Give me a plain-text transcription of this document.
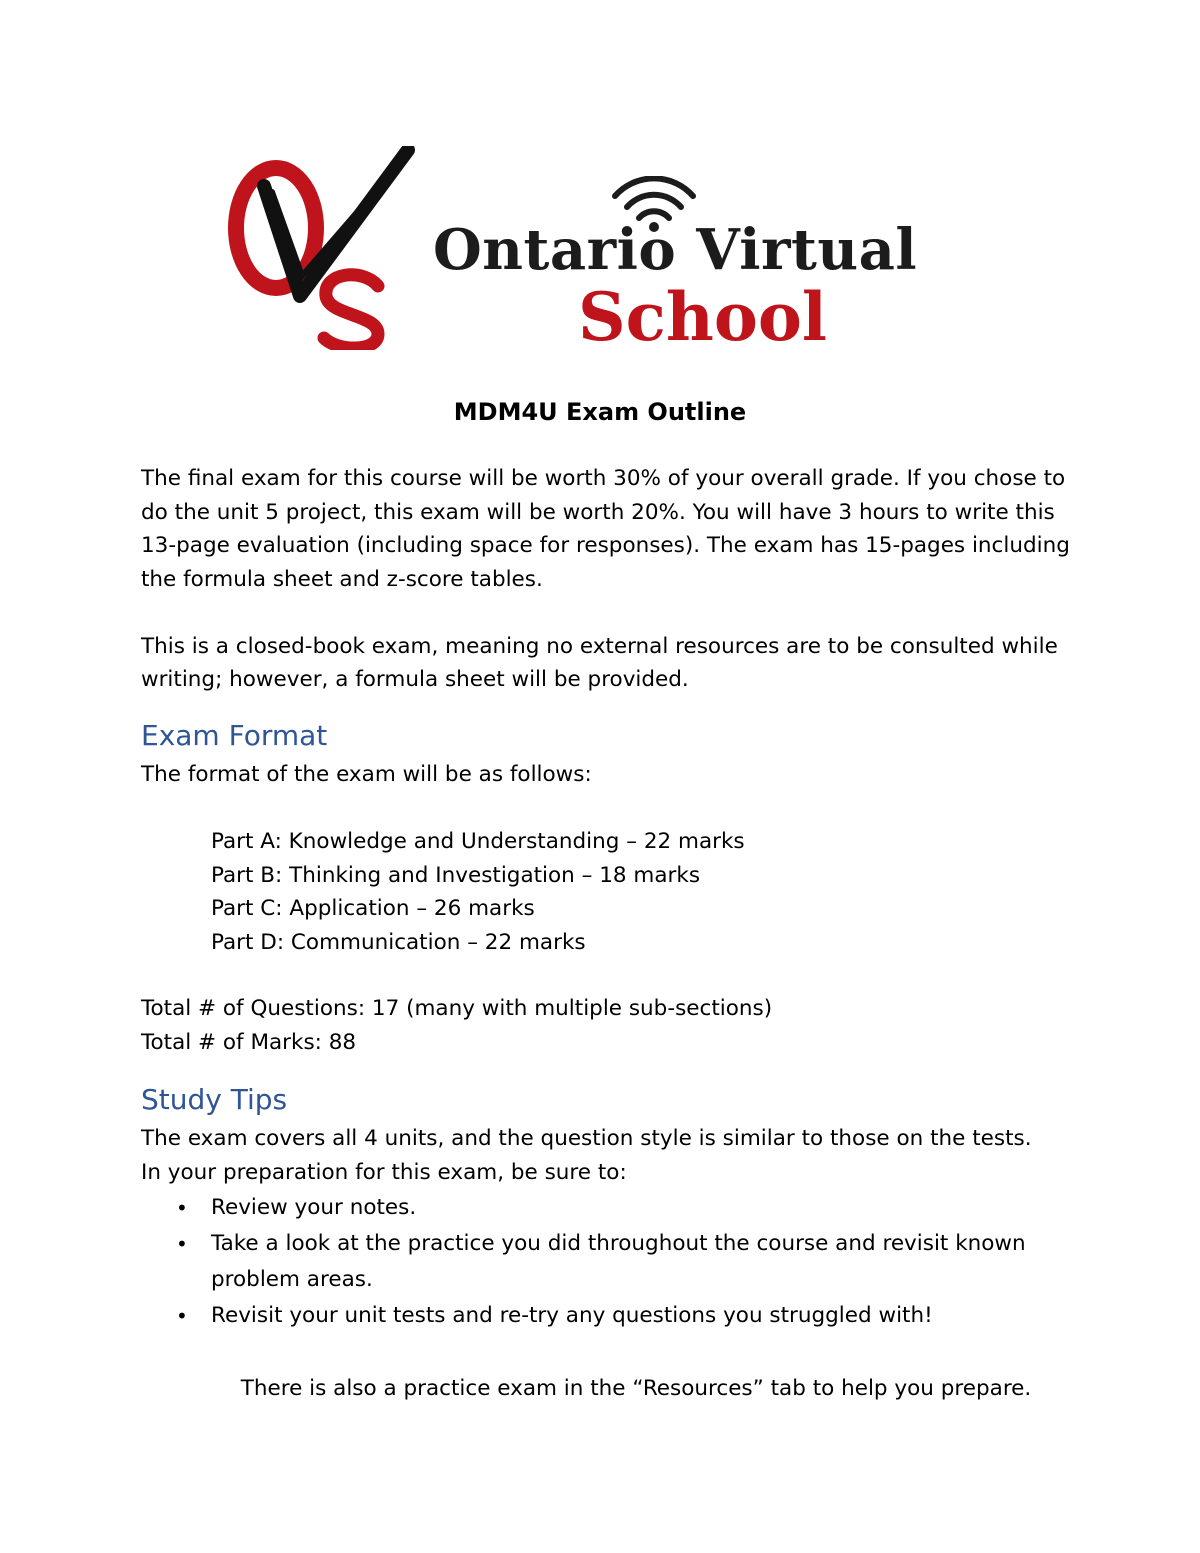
Ontario Virtual
School
MDM4U Exam Outline

The final exam for this course will be worth 30% of your overall grade. If you chose to do the unit 5 project, this exam will be worth 20%. You will have 3 hours to write this 13-page evaluation (including space for responses). The exam has 15-pages including the formula sheet and z-score tables.

This is a closed-book exam, meaning no external resources are to be consulted while writing; however, a formula sheet will be provided.

Exam Format
The format of the exam will be as follows:
Part A: Knowledge and Understanding – 22 marks
Part B: Thinking and Investigation – 18 marks
Part C: Application – 26 marks
Part D: Communication – 22 marks
Total # of Questions: 17 (many with multiple sub-sections)
Total # of Marks: 88
Study Tips
The exam covers all 4 units, and the question style is similar to those on the tests.
In your preparation for this exam, be sure to:
• Review your notes.
• Take a look at the practice you did throughout the course and revisit known problem areas.
• Revisit your unit tests and re-try any questions you struggled with!
There is also a practice exam in the “Resources” tab to help you prepare.
